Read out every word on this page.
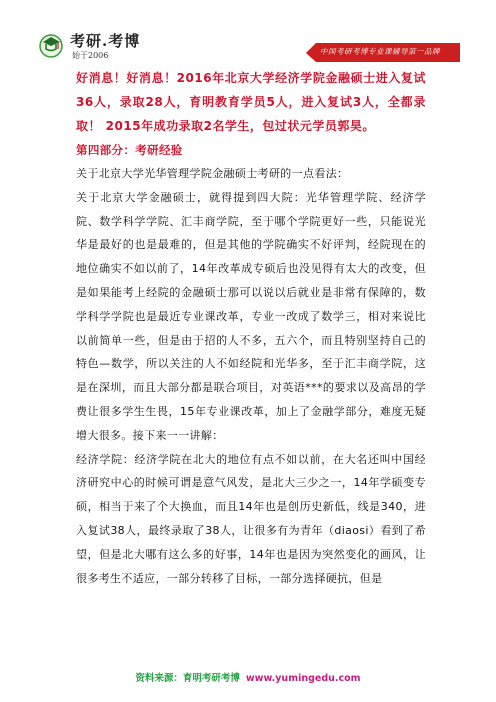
考研.考博
始于2006	中国考研考博专业课辅导第一品牌

好消息！好消息！2016年北京大学经济学院金融硕士进入复试36人，录取28人，育明教育学员5人，进入复试3人，全都录取！ 2015年成功录取2名学生，包过状元学员郭昊。

第四部分：考研经验

关于北京大学光华管理学院金融硕士考研的一点看法：

关于北京大学金融硕士，就得提到四大院：光华管理学院、经济学院、数学科学学院、汇丰商学院，至于哪个学院更好一些，只能说光华是最好的也是最难的，但是其他的学院确实不好评判，经院现在的地位确实不如以前了，14年改革成专硕后也没见得有太大的改变，但是如果能考上经院的金融硕士那可以说以后就业是非常有保障的，数学科学学院也是最近专业课改革，专业一改成了数学三，相对来说比以前简单一些，但是由于招的人不多，五六个，而且特别坚持自己的特色—数学，所以关注的人不如经院和光华多，至于汇丰商学院，这是在深圳，而且大部分都是联合项目，对英语***的要求以及高昂的学费让很多学生生畏，15年专业课改革，加上了金融学部分，难度无疑增大很多。接下来一一讲解：

经济学院：经济学院在北大的地位有点不如以前，在大名还叫中国经济研究中心的时候可谓是意气风发，是北大三少之一，14年学硕变专硕，相当于来了个大换血，而且14年也是创历史新低，线是340，进入复试38人，最终录取了38人，让很多有为青年（diaosi）看到了希望，但是北大哪有这么多的好事，14年也是因为突然变化的画风，让很多考生不适应，一部分转移了目标，一部分选择硬抗，但是

资料来源：育明考研考博 www.yumingedu.com
